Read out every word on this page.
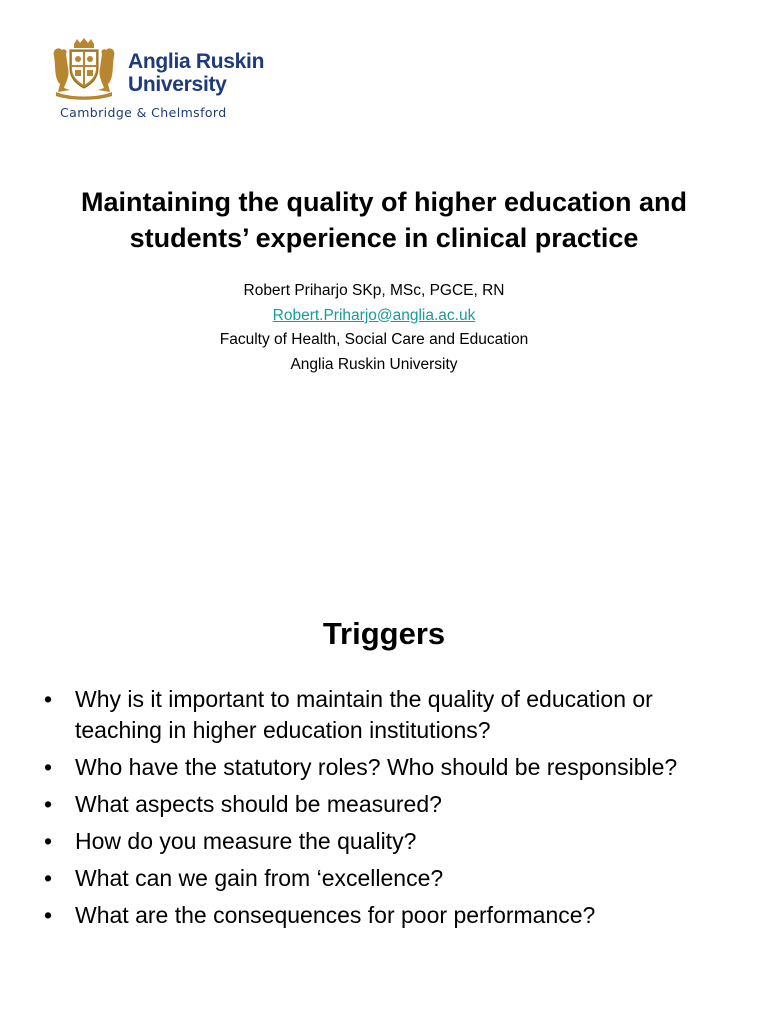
Anglia Ruskin
University
Cambridge & Chelmsford
Maintaining the quality of higher education and
students’ experience in clinical practice
Robert Priharjo SKp, MSc, PGCE, RN
Robert.Priharjo@anglia.ac.uk
Faculty of Health, Social Care and Education
Anglia Ruskin University
Triggers
• Why is it important to maintain the quality of education or teaching in higher education institutions?
• Who have the statutory roles? Who should be responsible?
• What aspects should be measured?
• How do you measure the quality?
• What can we gain from ‘excellence?
• What are the consequences for poor performance?
